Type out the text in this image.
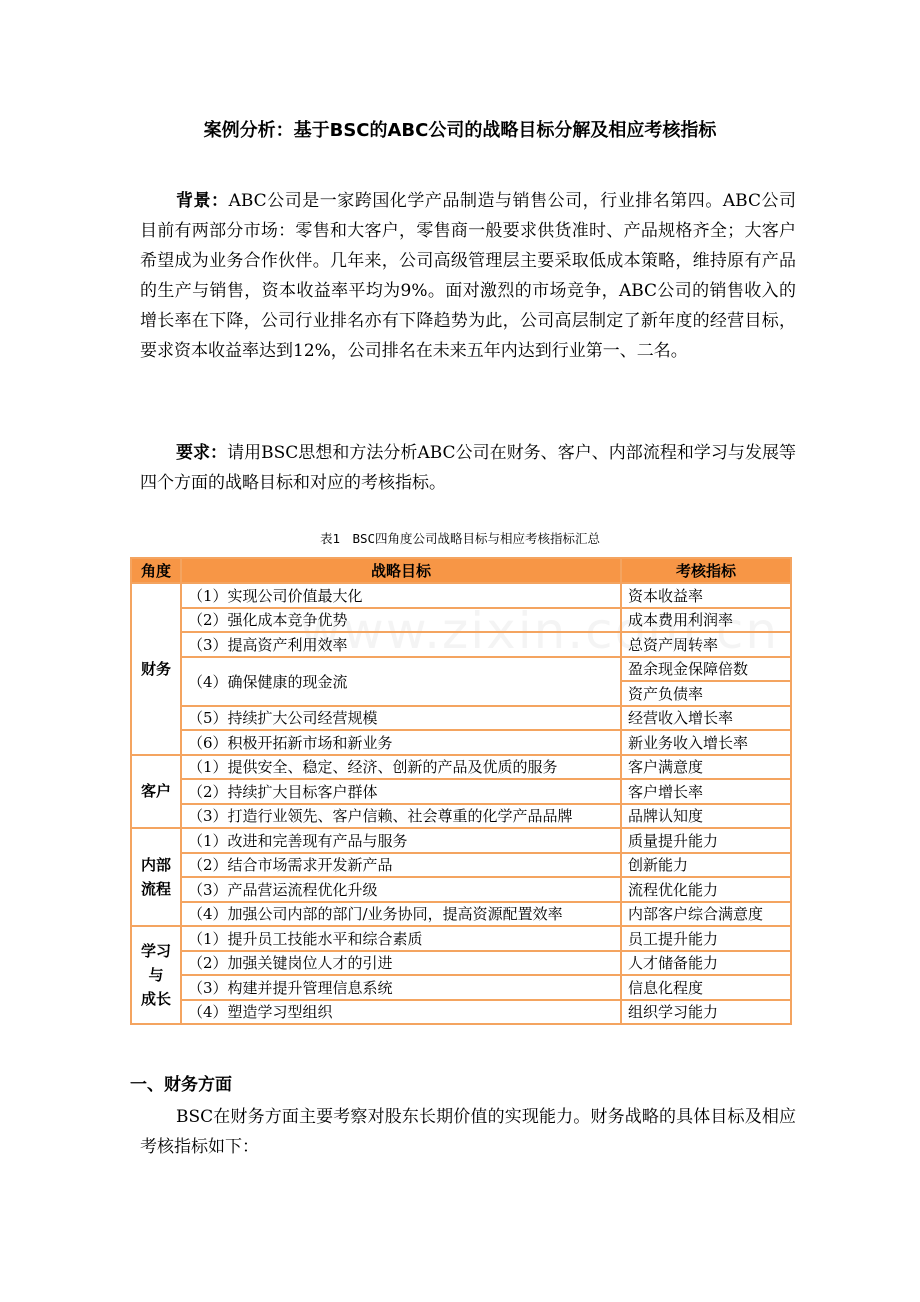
案例分析：基于BSC的ABC公司的战略目标分解及相应考核指标

背景：ABC公司是一家跨国化学产品制造与销售公司，行业排名第四。ABC公司目前有两部分市场：零售和大客户，零售商一般要求供货准时、产品规格齐全；大客户希望成为业务合作伙伴。几年来，公司高级管理层主要采取低成本策略，维持原有产品的生产与销售，资本收益率平均为9%。面对激烈的市场竞争，ABC公司的销售收入的增长率在下降，公司行业排名亦有下降趋势为此，公司高层制定了新年度的经营目标，要求资本收益率达到12%，公司排名在未来五年内达到行业第一、二名。

要求：请用BSC思想和方法分析ABC公司在财务、客户、内部流程和学习与发展等四个方面的战略目标和对应的考核指标。

表1　BSC四角度公司战略目标与相应考核指标汇总
角度	战略目标	考核指标
财务	（1）实现公司价值最大化	资本收益率
	（2）强化成本竞争优势	成本费用利润率
	（3）提高资产利用效率	总资产周转率
	（4）确保健康的现金流	盈余现金保障倍数
		资产负债率
	（5）持续扩大公司经营规模	经营收入增长率
	（6）积极开拓新市场和新业务	新业务收入增长率
客户	（1）提供安全、稳定、经济、创新的产品及优质的服务	客户满意度
	（2）持续扩大目标客户群体	客户增长率
	（3）打造行业领先、客户信赖、社会尊重的化学产品品牌	品牌认知度
内部
流程	（1）改进和完善现有产品与服务	质量提升能力
	（2）结合市场需求开发新产品	创新能力
	（3）产品营运流程优化升级	流程优化能力
	（4）加强公司内部的部门/业务协同，提高资源配置效率	内部客户综合满意度
学习
与
成长	（1）提升员工技能水平和综合素质	员工提升能力
	（2）加强关键岗位人才的引进	人才储备能力
	（3）构建并提升管理信息系统	信息化程度
	（4）塑造学习型组织	组织学习能力
一、财务方面

BSC在财务方面主要考察对股东长期价值的实现能力。财务战略的具体目标及相应考核指标如下：
